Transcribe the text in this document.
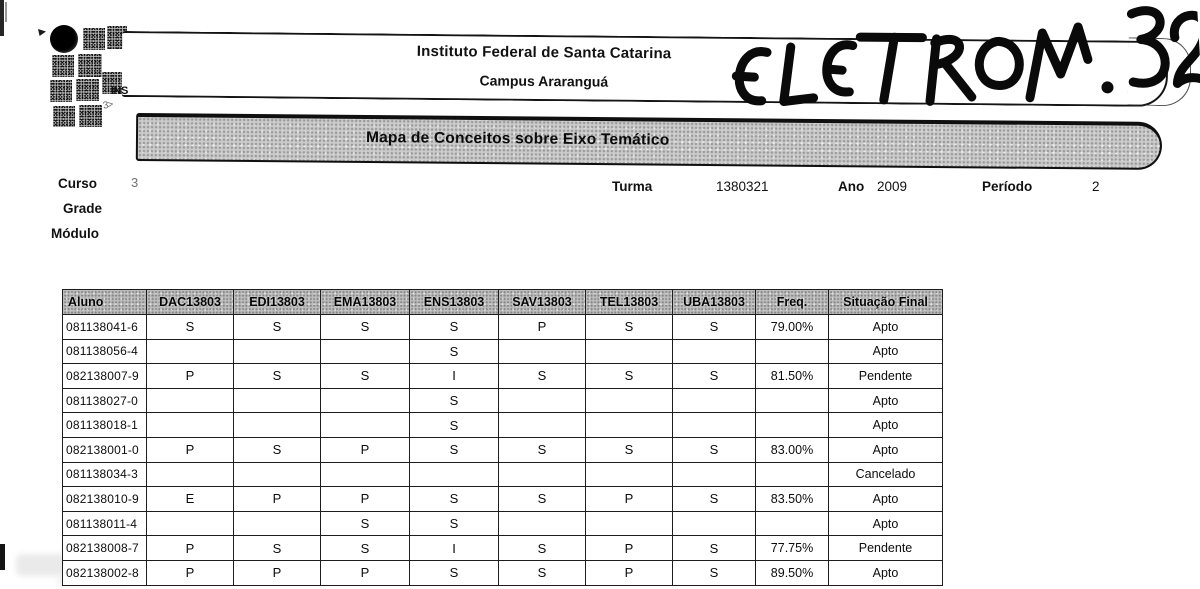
Instituto Federal de Santa Catarina
Campus Araranguá
INS
3>
Mapa de Conceitos sobre Eixo Temático
Curso	3
Grade
Módulo
Turma	1380321	Ano 2009	Período	2
Aluno	DAC13803	EDI13803	EMA13803	ENS13803	SAV13803	TEL13803	UBA13803	Freq.	Situação Final
081138041-6	S	S	S	S	P	S	S	79.00%	Apto
081138056-4				S					Apto
082138007-9	P	S	S	I	S	S	S	81.50%	Pendente
081138027-0				S					Apto
081138018-1				S					Apto
082138001-0	P	S	P	S	S	S	S	83.00%	Apto
081138034-3									Cancelado
082138010-9	E	P	P	S	S	P	S	83.50%	Apto
081138011-4			S	S					Apto
082138008-7	P	S	S	I	S	P	S	77.75%	Pendente
082138002-8	P	P	P	S	S	P	S	89.50%	Apto
